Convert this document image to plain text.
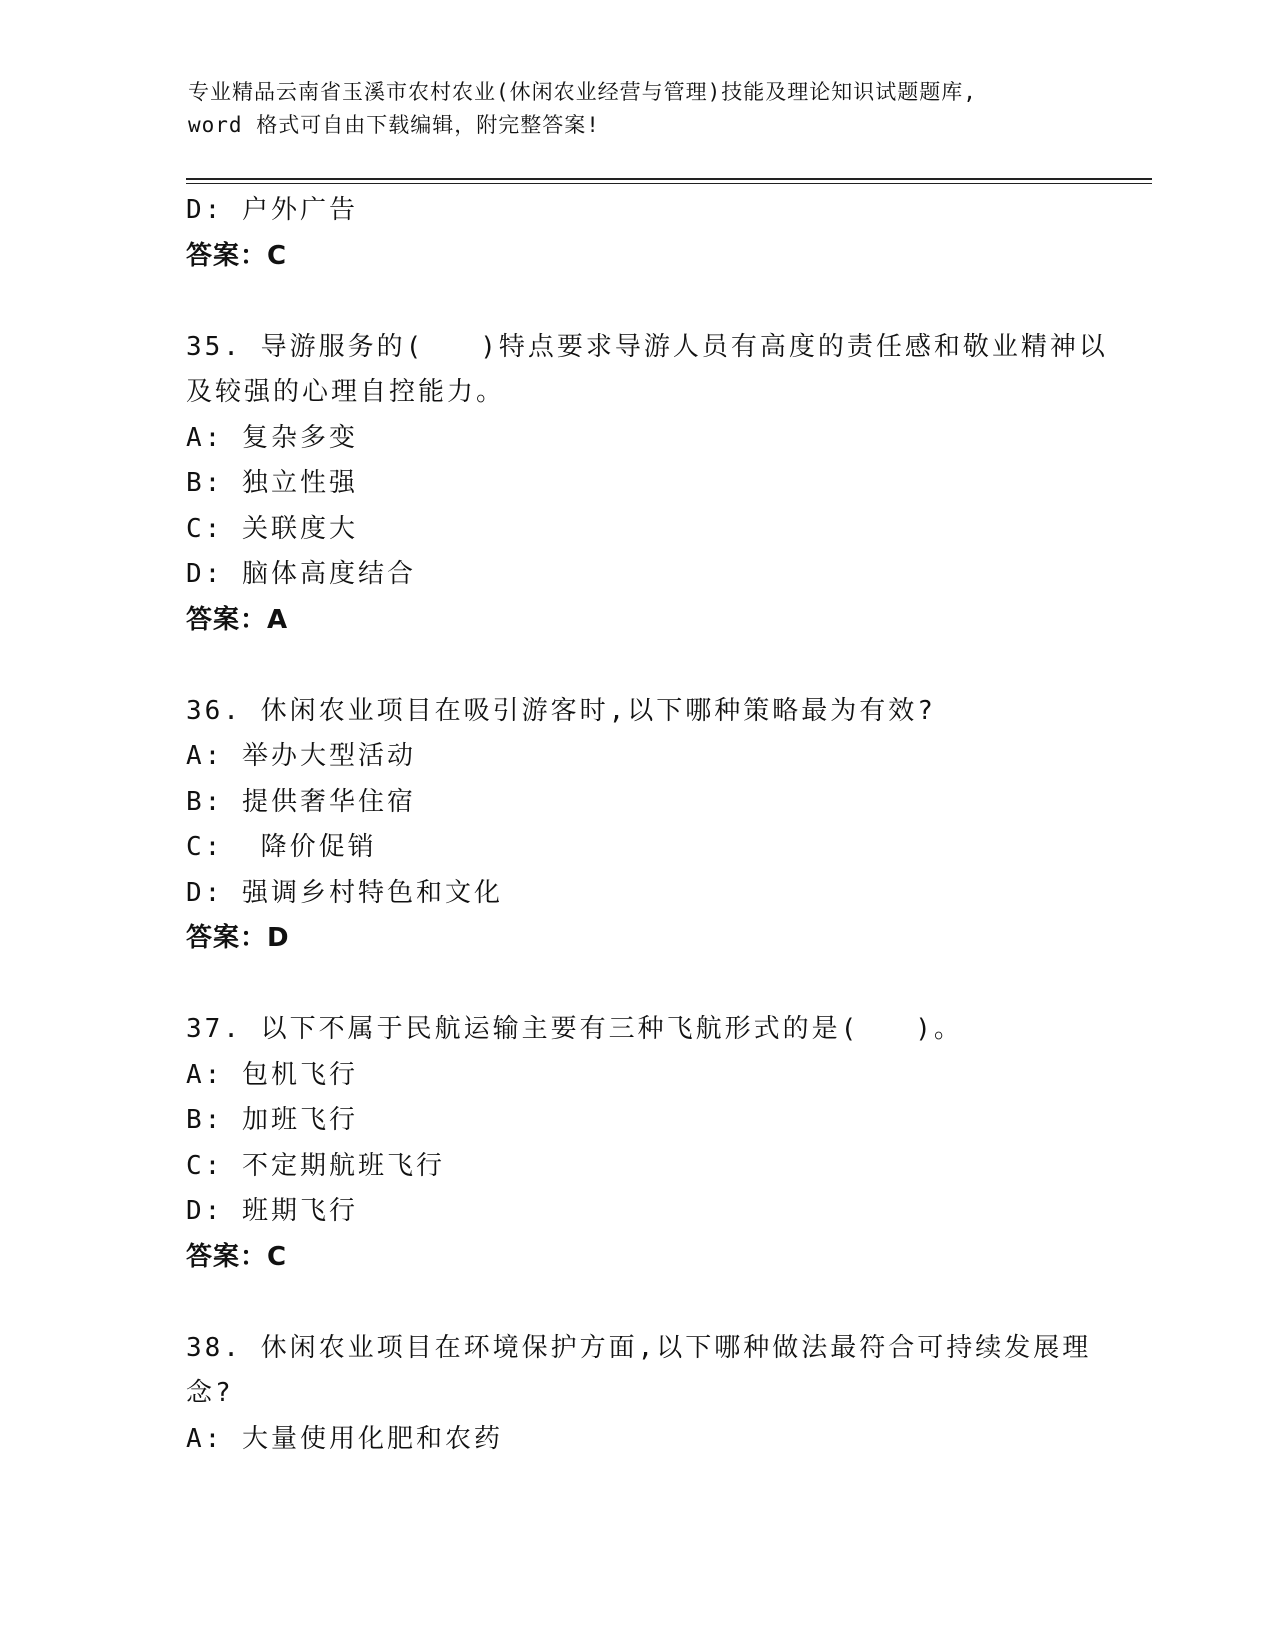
专业精品云南省玉溪市农村农业(休闲农业经营与管理)技能及理论知识试题题库,
word 格式可自由下载编辑，附完整答案!
D: 户外广告
答案：C
35. 导游服务的(   )特点要求导游人员有高度的责任感和敬业精神以
及较强的心理自控能力。
A: 复杂多变
B: 独立性强
C: 关联度大
D: 脑体高度结合
答案：A
36. 休闲农业项目在吸引游客时,以下哪种策略最为有效?
A: 举办大型活动
B: 提供奢华住宿
C:  降价促销
D: 强调乡村特色和文化
答案：D
37. 以下不属于民航运输主要有三种飞航形式的是(   )。
A: 包机飞行
B: 加班飞行
C: 不定期航班飞行
D: 班期飞行
答案：C
38. 休闲农业项目在环境保护方面,以下哪种做法最符合可持续发展理
念?
A: 大量使用化肥和农药
